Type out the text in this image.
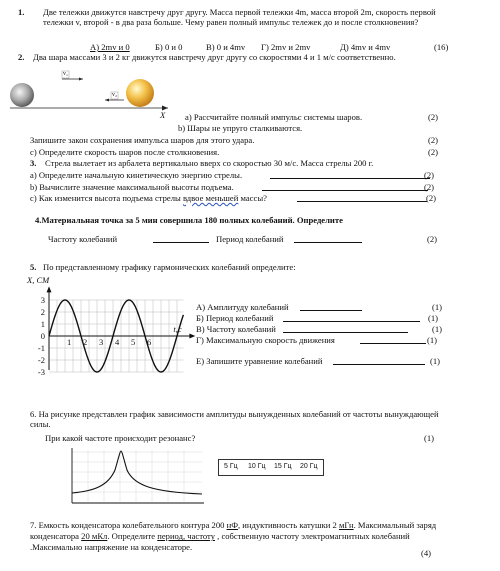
1. Две тележки движутся навстречу друг другу. Масса первой тележки 4m, масса второй 2m, скорость первой тележки v, второй - в два раза больше. Чему равен полный импульс тележек до и после столкновения?
А) 2mv и 0	Б) 0 и 0	В) 0 и 4mv Г) 2mv и 2mv	Д) 4mv и 4mv	(16)
2. Два шара массами 3 и 2 кг движутся навстречу друг другу со скоростями 4 и 1 м/с соответственно.
v₁
v₂
X а) Рассчитайте полный импульс системы шаров.	(2)
b) Шары не упруго сталкиваются.
Запишите закон сохранения импульса шаров для этого удара.	(2)
с) Определите скорость шаров после столкновения.	(2)
3. Стрела вылетает из арбалета вертикально вверх со скоростью 30 м/с. Масса стрелы 200 г.
а) Определите начальную кинетическую энергию стрелы.	(2)
b) Вычислите значение максимальной высоты подъема.	(2)
с) Как изменится высота подъема стрелы вдвое меньшей массы?	(2)
4.Материальная точка за 5 мин совершила 180 полных колебаний. Определите
Частоту колебаний	Период колебаний	(2)
5. По представленному графику гармонических колебаний определите:
3
2
1
0
-1
-2
-3
1 2 3 4 5 6
X, CM
t,c
А) Амплитуду колебаний	(1)
Б) Период колебаний	(1)
В) Частоту колебаний	(1)
Г) Максимальную скорость движения	(1)
Е) Запишите уравнение колебаний	(1)
6. На рисунке представлен график зависимости амплитуды вынужденных колебаний от частоты вынуждающей силы.
При какой частоте происходит резонанс?	(1)
5 Гц 10 Гц 15 Гц 20 Гц
7. Емкость конденсатора колебательного контура 200 нФ, индуктивность катушки 2 мГн. Максимальный заряд конденсатора 20 мКл. Определите период, частоту , собственную частоту электромагнитных колебаний .Максимально напряжение на конденсаторе.
(4)
